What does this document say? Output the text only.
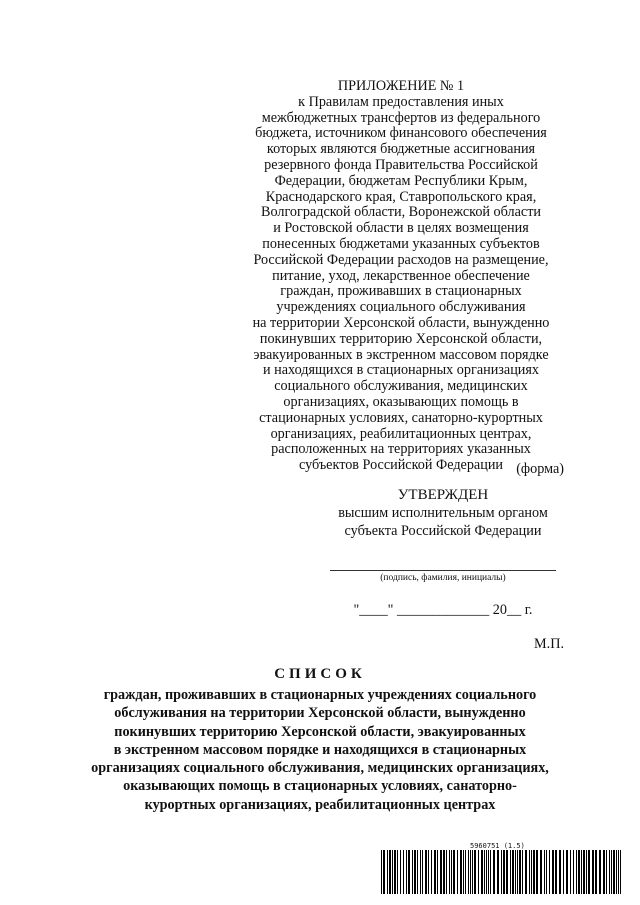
ПРИЛОЖЕНИЕ № 1
к Правилам предоставления иных
межбюджетных трансфертов из федерального
бюджета, источником финансового обеспечения
которых являются бюджетные ассигнования
резервного фонда Правительства Российской
Федерации, бюджетам Республики Крым,
Краснодарского края, Ставропольского края,
Волгоградской области, Воронежской области
и Ростовской области в целях возмещения
понесенных бюджетами указанных субъектов
Российской Федерации расходов на размещение,
питание, уход, лекарственное обеспечение
граждан, проживавших в стационарных
учреждениях социального обслуживания
на территории Херсонской области, вынужденно
покинувших территорию Херсонской области,
эвакуированных в экстренном массовом порядке
и находящихся в стационарных организациях
социального обслуживания, медицинских
организациях, оказывающих помощь в
стационарных условиях, санаторно-курортных
организациях, реабилитационных центрах,
расположенных на территориях указанных
субъектов Российской Федерации (форма)
УТВЕРЖДЕН
высшим исполнительным органом
субъекта Российской Федерации
(подпись, фамилия, инициалы)
"____" _____________ 20__ г.
М.П.
СПИСОК
граждан, проживавших в стационарных учреждениях социального
обслуживания на территории Херсонской области, вынужденно
покинувших территорию Херсонской области, эвакуированных
в экстренном массовом порядке и находящихся в стационарных
организациях социального обслуживания, медицинских организациях,
оказывающих помощь в стационарных условиях, санаторно-
курортных организациях, реабилитационных центрах
5960751 (1.5)
